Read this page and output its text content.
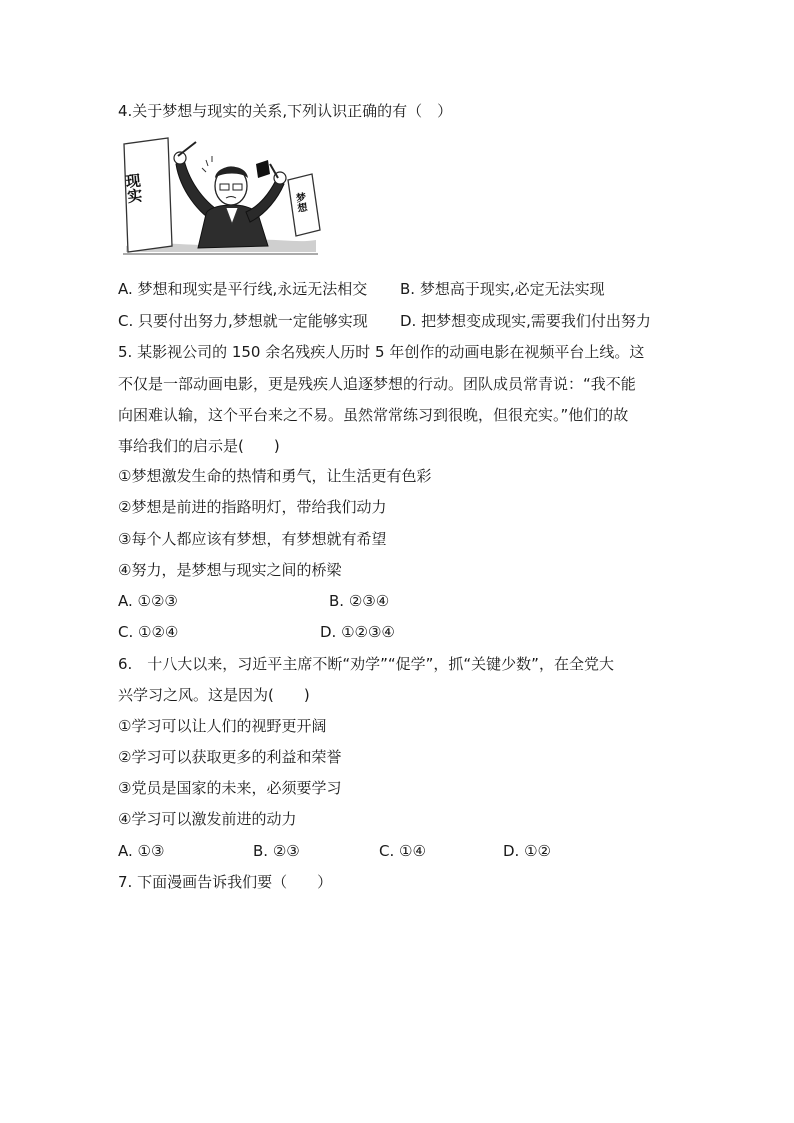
4.关于梦想与现实的关系,下列认识正确的有（　）
现实	梦想
A. 梦想和现实是平行线,永远无法相交 B. 梦想高于现实,必定无法实现
C. 只要付出努力,梦想就一定能够实现 D. 把梦想变成现实,需要我们付出努力
5. 某影视公司的 150 余名残疾人历时 5 年创作的动画电影在视频平台上线。这
不仅是一部动画电影，更是残疾人追逐梦想的行动。团队成员常青说：“我不能
向困难认输，这个平台来之不易。虽然常常练习到很晚，但很充实。”他们的故
事给我们的启示是(　　)
①梦想激发生命的热情和勇气，让生活更有色彩
②梦想是前进的指路明灯，带给我们动力
③每个人都应该有梦想，有梦想就有希望
④努力，是梦想与现实之间的桥梁
A. ①②③	B. ②③④
C. ①②④	D. ①②③④
6.　十八大以来，习近平主席不断“劝学”“促学”，抓“关键少数”，在全党大
兴学习之风。这是因为(　　)
①学习可以让人们的视野更开阔
②学习可以获取更多的利益和荣誉
③党员是国家的未来，必须要学习
④学习可以激发前进的动力
A. ①③	B. ②③	C. ①④	D. ①②
7. 下面漫画告诉我们要（　　）
